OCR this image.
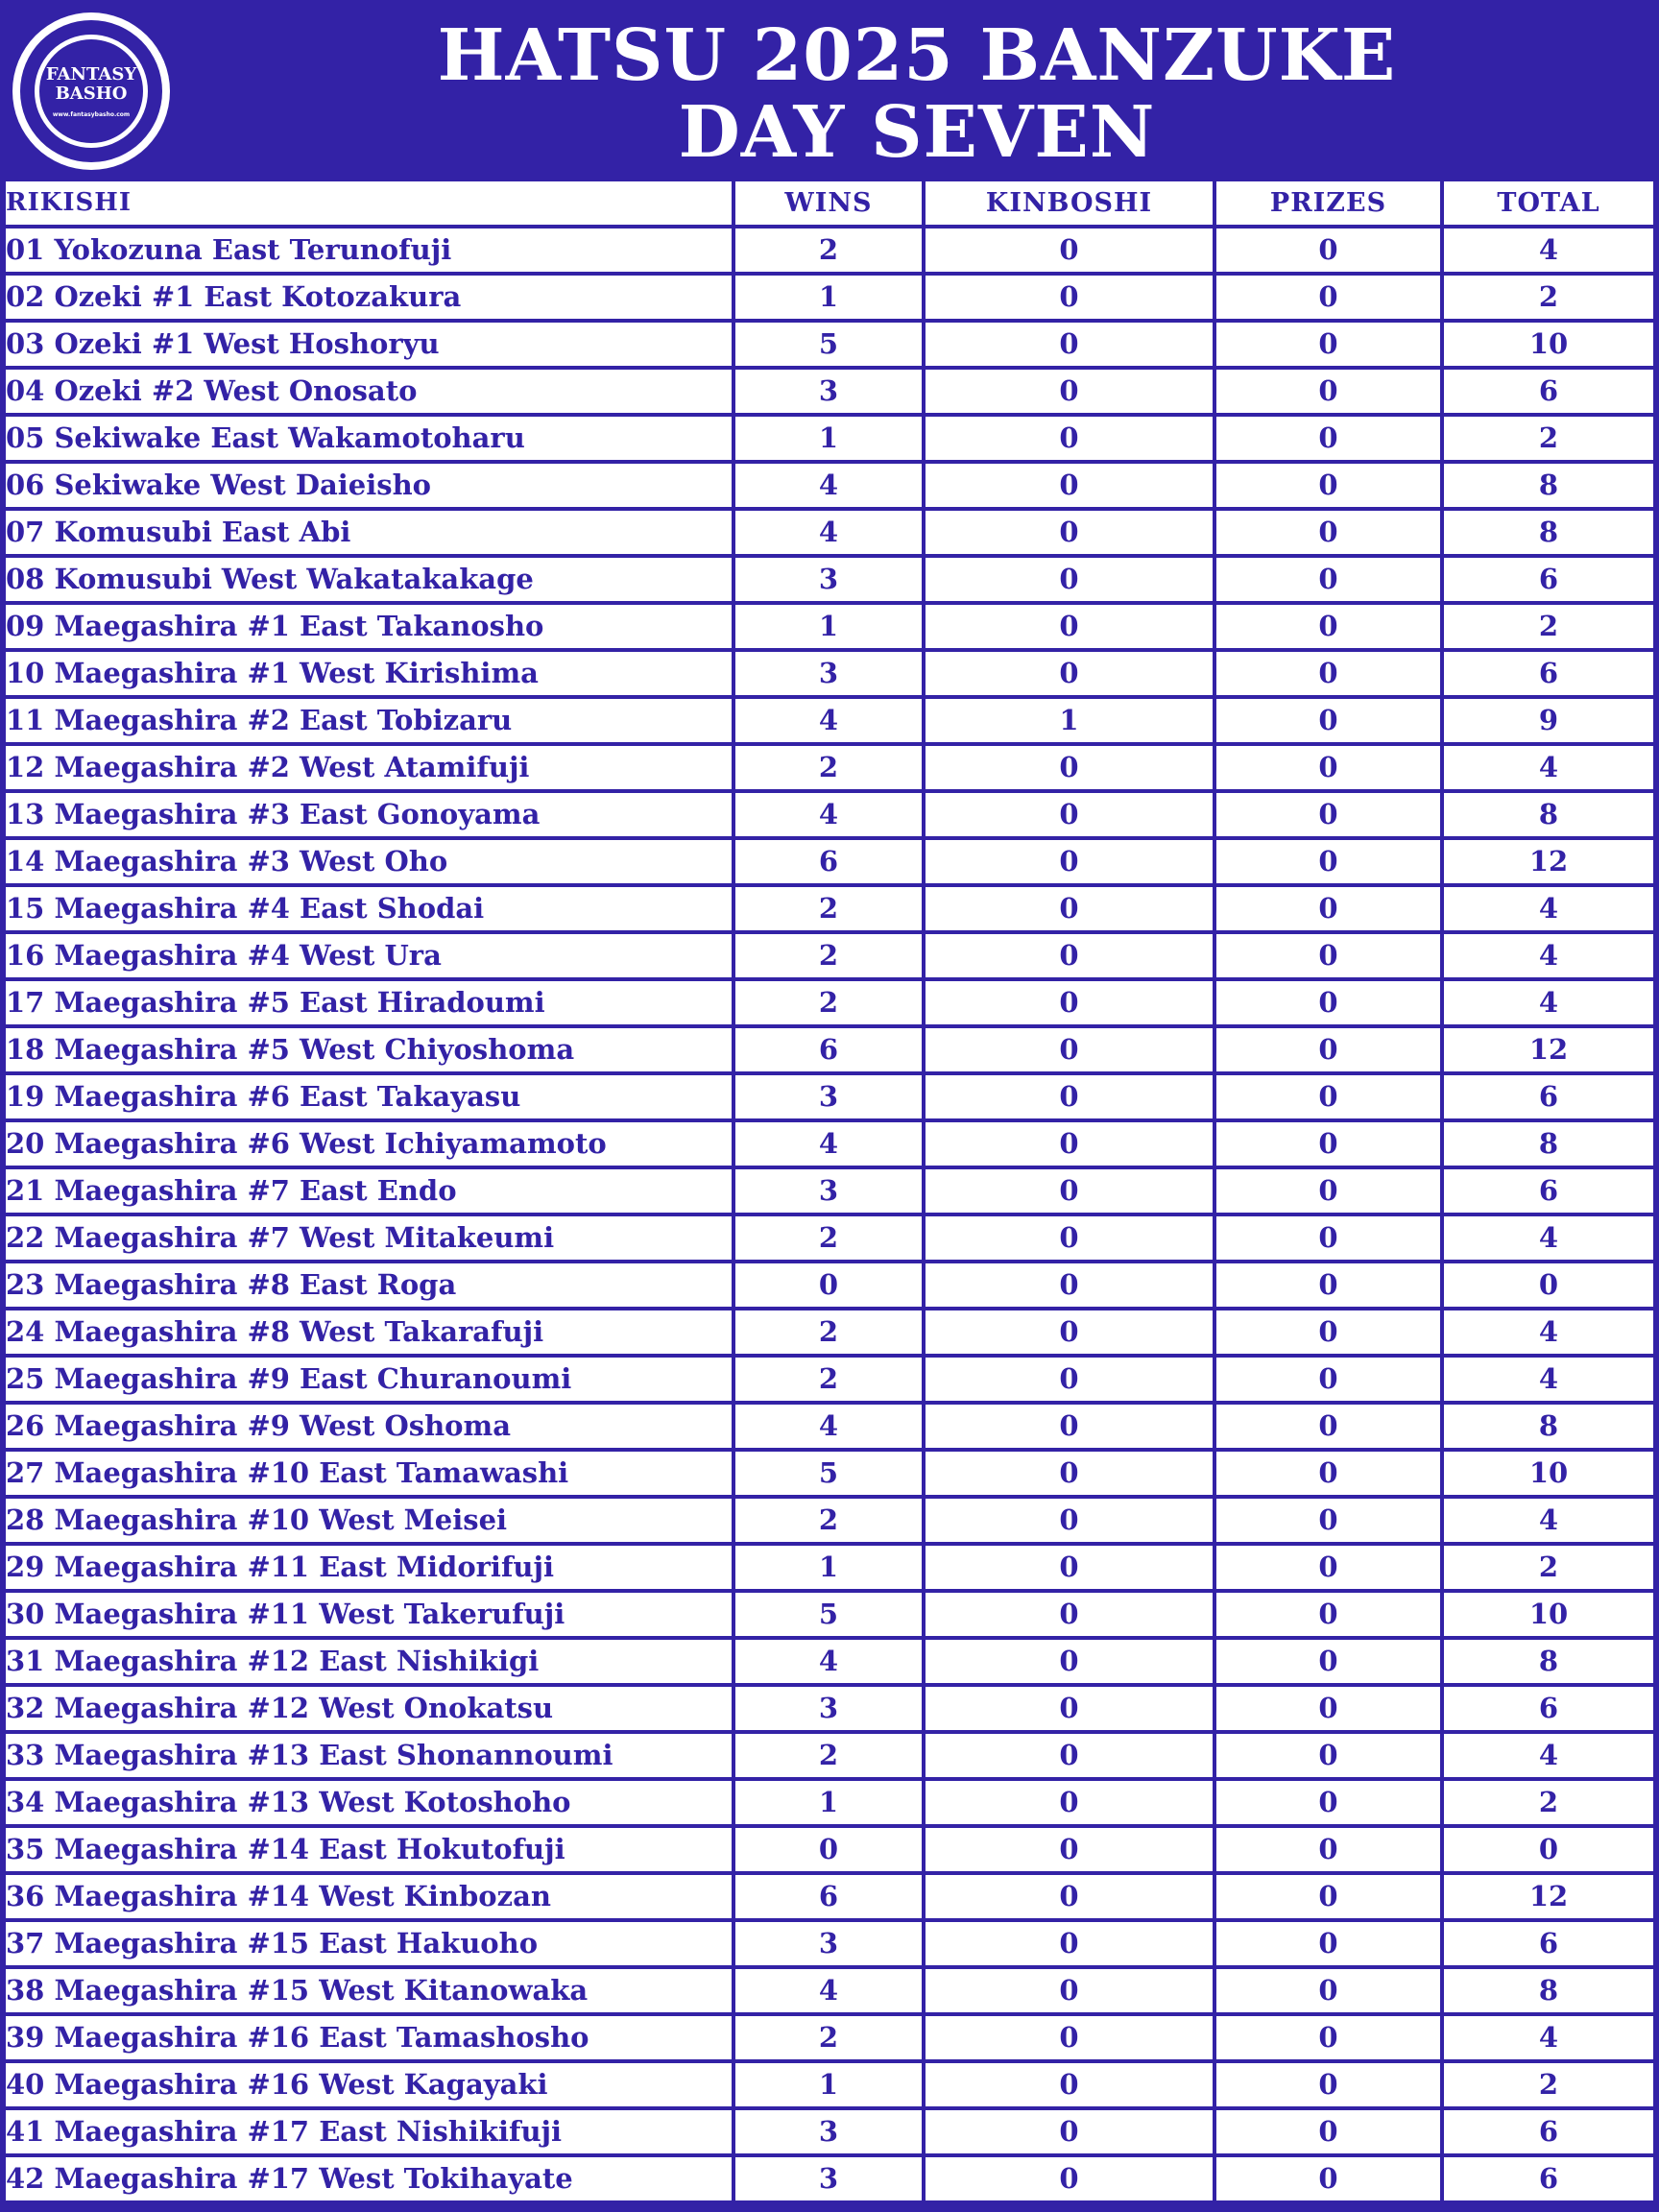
FANTASY
BASHO
www.fantasybasho.com
HATSU 2025 BANZUKE
DAY SEVEN
RIKISHI	WINS	KINBOSHI	PRIZES	TOTAL
01 Yokozuna East Terunofuji	2	0	0	4
02 Ozeki #1 East Kotozakura	1	0	0	2
03 Ozeki #1 West Hoshoryu	5	0	0	10
04 Ozeki #2 West Onosato	3	0	0	6
05 Sekiwake East Wakamotoharu	1	0	0	2
06 Sekiwake West Daieisho	4	0	0	8
07 Komusubi East Abi	4	0	0	8
08 Komusubi West Wakatakakage	3	0	0	6
09 Maegashira #1 East Takanosho	1	0	0	2
10 Maegashira #1 West Kirishima	3	0	0	6
11 Maegashira #2 East Tobizaru	4	1	0	9
12 Maegashira #2 West Atamifuji	2	0	0	4
13 Maegashira #3 East Gonoyama	4	0	0	8
14 Maegashira #3 West Oho	6	0	0	12
15 Maegashira #4 East Shodai	2	0	0	4
16 Maegashira #4 West Ura	2	0	0	4
17 Maegashira #5 East Hiradoumi	2	0	0	4
18 Maegashira #5 West Chiyoshoma	6	0	0	12
19 Maegashira #6 East Takayasu	3	0	0	6
20 Maegashira #6 West Ichiyamamoto	4	0	0	8
21 Maegashira #7 East Endo	3	0	0	6
22 Maegashira #7 West Mitakeumi	2	0	0	4
23 Maegashira #8 East Roga	0	0	0	0
24 Maegashira #8 West Takarafuji	2	0	0	4
25 Maegashira #9 East Churanoumi	2	0	0	4
26 Maegashira #9 West Oshoma	4	0	0	8
27 Maegashira #10 East Tamawashi	5	0	0	10
28 Maegashira #10 West Meisei	2	0	0	4
29 Maegashira #11 East Midorifuji	1	0	0	2
30 Maegashira #11 West Takerufuji	5	0	0	10
31 Maegashira #12 East Nishikigi	4	0	0	8
32 Maegashira #12 West Onokatsu	3	0	0	6
33 Maegashira #13 East Shonannoumi	2	0	0	4
34 Maegashira #13 West Kotoshoho	1	0	0	2
35 Maegashira #14 East Hokutofuji	0	0	0	0
36 Maegashira #14 West Kinbozan	6	0	0	12
37 Maegashira #15 East Hakuoho	3	0	0	6
38 Maegashira #15 West Kitanowaka	4	0	0	8
39 Maegashira #16 East Tamashosho	2	0	0	4
40 Maegashira #16 West Kagayaki	1	0	0	2
41 Maegashira #17 East Nishikifuji	3	0	0	6
42 Maegashira #17 West Tokihayate	3	0	0	6
